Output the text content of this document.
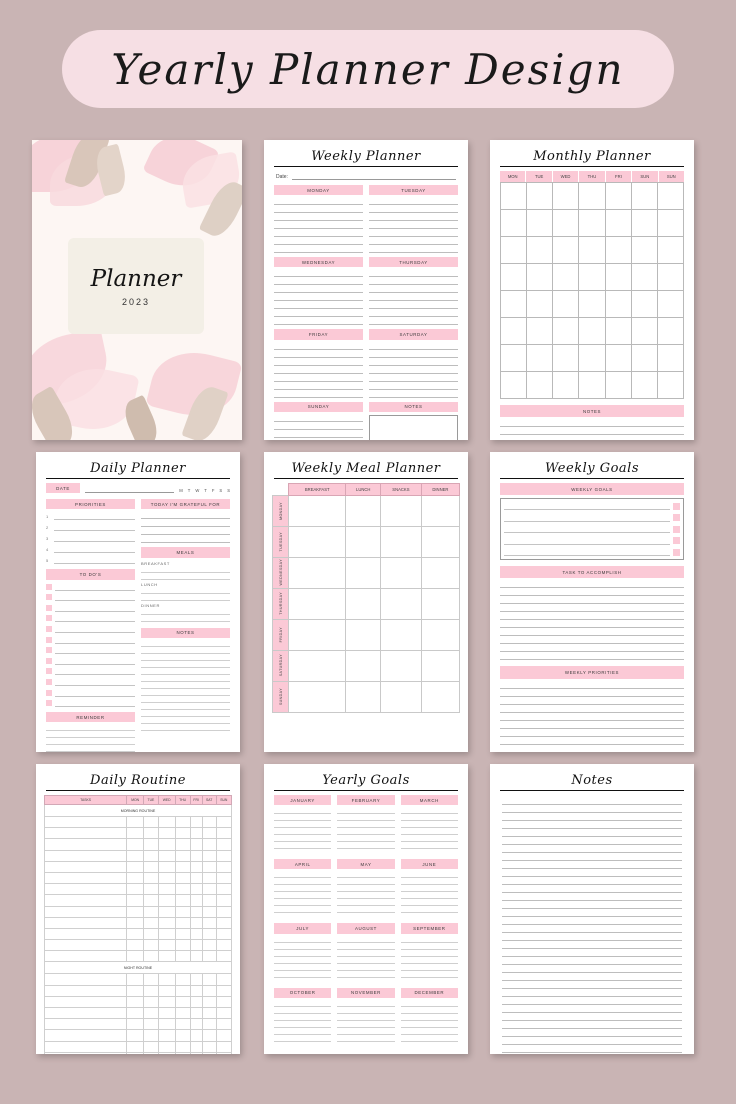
Yearly Planner Design
Planner
2023
Weekly Planner
Date:
MONDAY	TUESDAY
WEDNESDAY	THURSDAY
FRIDAY	SATURDAY
SUNDAY	NOTES
Monthly Planner
MON	TUE	WED	THU	FRI	SUN	SUN

NOTES
Daily Planner
DATE
M T W T F S S
PRIORITIES
1
2
3
4
5
TO DO'S
REMINDER
TODAY I'M GRATEFUL FOR
MEALS
BREAKFAST
LUNCH
DINNER
NOTES
Weekly Meal Planner
	BREAKFAST	LUNCH	SNACKS	DINNER
MONDAY				
TUESDAY				
WEDNESDAY				
THURSDAY				
FRIDAY				
SATURDAY				
SUNDAY				
Weekly Goals
WEEKLY GOALS
TASK TO ACCOMPLISH
WEEKLY PRIORITIES
Daily Routine
TASKS	MON	TUE	WED	THU	FRI	SAT	SUN
MORNING ROUTINE							

NIGHT ROUTINE							

Yearly Goals
JANUARY	FEBRUARY	MARCH
APRIL	MAY	JUNE
JULY	AUGUST	SEPTEMBER
OCTOBER	NOVEMBER	DECEMBER
Notes
